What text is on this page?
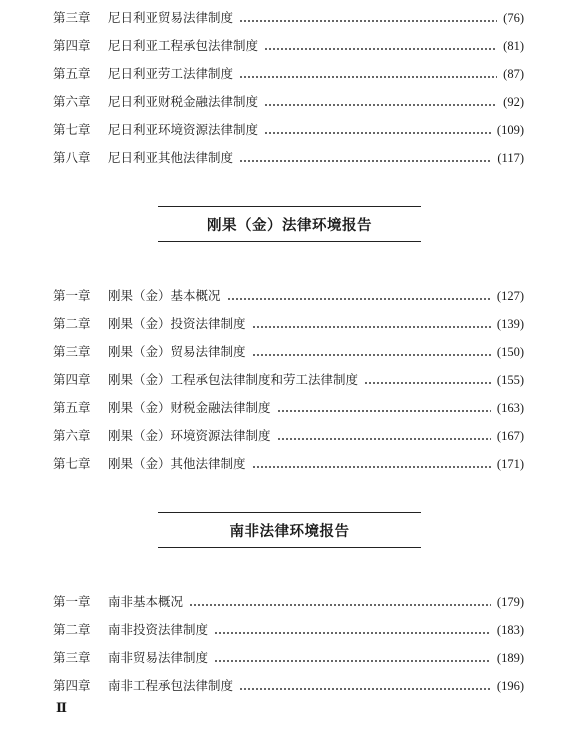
第三章	尼日利亚贸易法律制度	(76)
第四章	尼日利亚工程承包法律制度	(81)
第五章	尼日利亚劳工法律制度	(87)
第六章	尼日利亚财税金融法律制度	(92)
第七章	尼日利亚环境资源法律制度	(109)
第八章	尼日利亚其他法律制度	(117)
刚果（金）法律环境报告
第一章	刚果（金）基本概况	(127)
第二章	刚果（金）投资法律制度	(139)
第三章	刚果（金）贸易法律制度	(150)
第四章	刚果（金）工程承包法律制度和劳工法律制度	(155)
第五章	刚果（金）财税金融法律制度	(163)
第六章	刚果（金）环境资源法律制度	(167)
第七章	刚果（金）其他法律制度	(171)
南非法律环境报告
第一章	南非基本概况	(179)
第二章	南非投资法律制度	(183)
第三章	南非贸易法律制度	(189)
第四章	南非工程承包法律制度	(196)
Ⅱ
